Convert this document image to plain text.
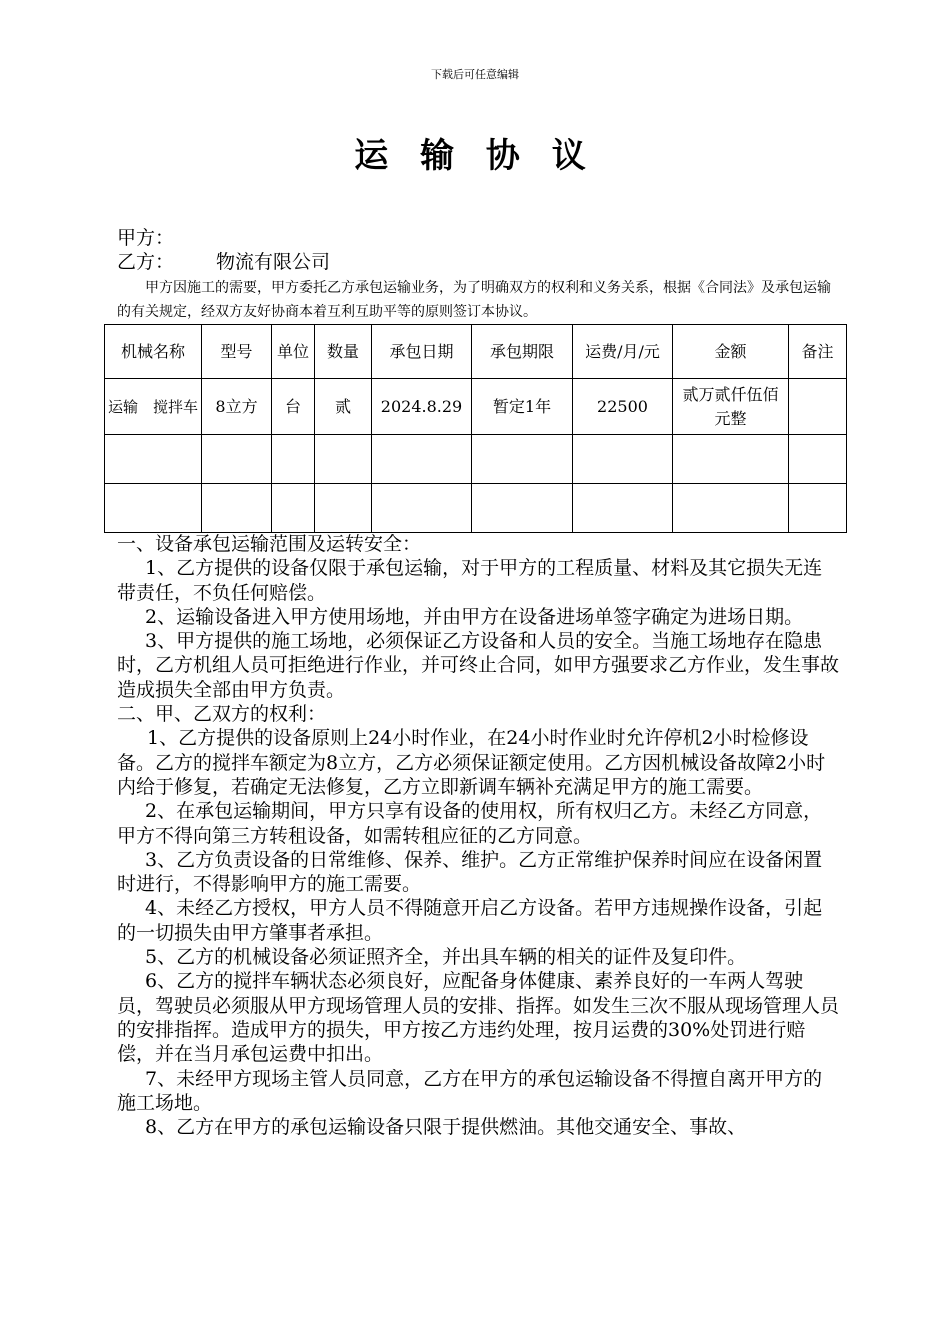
下载后可任意编辑
运 输 协 议
甲方：
乙方： 物流有限公司
甲方因施工的需要，甲方委托乙方承包运输业务，为了明确双方的权利和义务关系，根据《合同法》及承包运输的有关规定，经双方友好协商本着互利互助平等的原则签订本协议。
机械名称	型号	单位	数量	承包日期	承包期限	运费/月/元	金额	备注
运输　搅拌车	8立方	台	贰	2024.8.29	暂定1年	22500	贰万贰仟伍佰元整	

一、设备承包运输范围及运转安全：

1、乙方提供的设备仅限于承包运输，对于甲方的工程质量、材料及其它损失无连带责任，不负任何赔偿。

2、运输设备进入甲方使用场地，并由甲方在设备进场单签字确定为进场日期。

3、甲方提供的施工场地，必须保证乙方设备和人员的安全。当施工场地存在隐患时，乙方机组人员可拒绝进行作业，并可终止合同，如甲方强要求乙方作业，发生事故造成损失全部由甲方负责。

二、甲、乙双方的权利：

1、乙方提供的设备原则上24小时作业，在24小时作业时允许停机2小时检修设备。乙方的搅拌车额定为8立方，乙方必须保证额定使用。乙方因机械设备故障2小时内给于修复，若确定无法修复，乙方立即新调车辆补充满足甲方的施工需要。

2、在承包运输期间，甲方只享有设备的使用权，所有权归乙方。未经乙方同意，甲方不得向第三方转租设备，如需转租应征的乙方同意。

3、乙方负责设备的日常维修、保养、维护。乙方正常维护保养时间应在设备闲置时进行，不得影响甲方的施工需要。

4、未经乙方授权，甲方人员不得随意开启乙方设备。若甲方违规操作设备，引起的一切损失由甲方肇事者承担。

5、乙方的机械设备必须证照齐全，并出具车辆的相关的证件及复印件。

6、乙方的搅拌车辆状态必须良好，应配备身体健康、素养良好的一车两人驾驶员，驾驶员必须服从甲方现场管理人员的安排、指挥。如发生三次不服从现场管理人员的安排指挥。造成甲方的损失，甲方按乙方违约处理，按月运费的30%处罚进行赔偿，并在当月承包运费中扣出。

7、未经甲方现场主管人员同意，乙方在甲方的承包运输设备不得擅自离开甲方的施工场地。

8、乙方在甲方的承包运输设备只限于提供燃油。其他交通安全、事故、
